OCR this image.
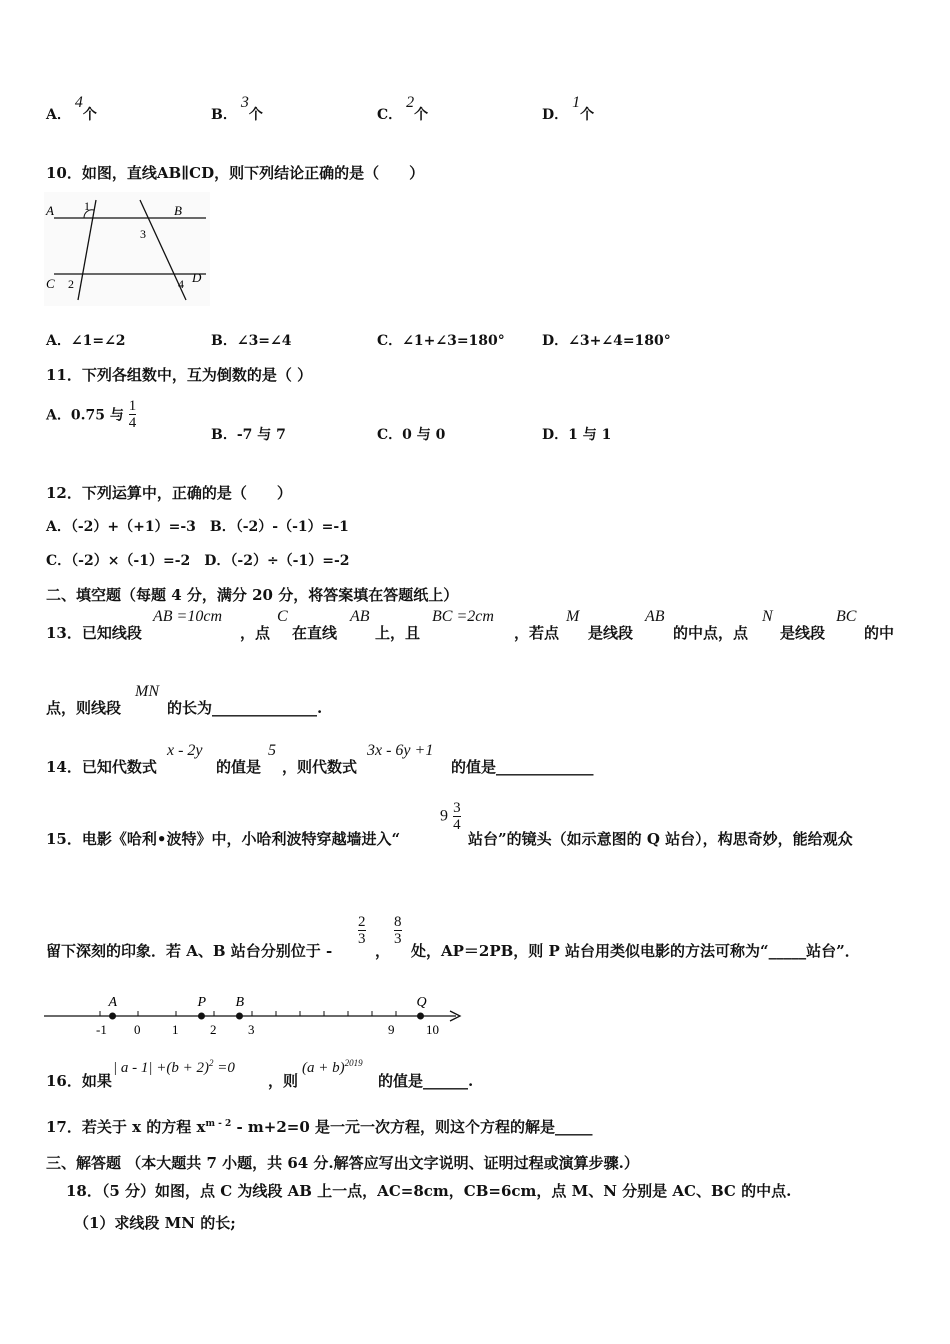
A．4个	B．3个	C．2个	D．1个
10．如图，直线AB∥CD，则下列结论正确的是（　　）
A	B
C	D
1
2
3
4
A．∠1=∠2	B．∠3=∠4	C．∠1+∠3=180°	D．∠3+∠4=180°
11．下列各组数中，互为倒数的是（ ）
A．0.75 与 $\frac{1}{4}$
B．-7 与 7	C．0 与 0	D．1 与 1
12．下列运算中，正确的是（　　）
A．（-2）+（+1）=-3　B．（-2）-（-1）=-1
C．（-2）×（-1）=-2　D．（-2）÷（-1）=-2
二、填空题（每题 4 分，满分 20 分，将答案填在答题纸上）
13．已知线段
AB =10cm
，点
C
在直线
AB
上，且
BC =2cm
，若点
M
是线段
AB
的中点，点
N
是线段
BC
的中
点，则线段
MN
的长为______________.
14．已知代数式
x - 2y
的值是
5
，则代数式
3x - 6y +1
的值是_____________
15．电影《哈利•波特》中，小哈利波特穿越墙进入“
$9 \frac{3}{4}$
站台”的镜头（如示意图的 Q 站台），构思奇妙，能给观众
留下深刻的印象．若 A、B 站台分别位于 -
2
3
，
8
3
处，AP＝2PB，则 P 站台用类似电影的方法可称为“_____站台”．
-1 0 1 2 3	9 10
A	P B	Q
16．如果
| $a - 1| +(b + 2)^2 =0$
，则
$(a + b)^{2019}$
的值是______.
17．若关于 x 的方程 $x^{m - 2} - m+2=0$ 是一元一次方程，则这个方程的解是_____
三、解答题 （本大题共 7 小题，共 64 分.解答应写出文字说明、证明过程或演算步骤.）
18．（5 分）如图，点 C 为线段 AB 上一点，AC=8cm，CB=6cm，点 M、N 分别是 AC、BC 的中点.
（1）求线段 MN 的长;
